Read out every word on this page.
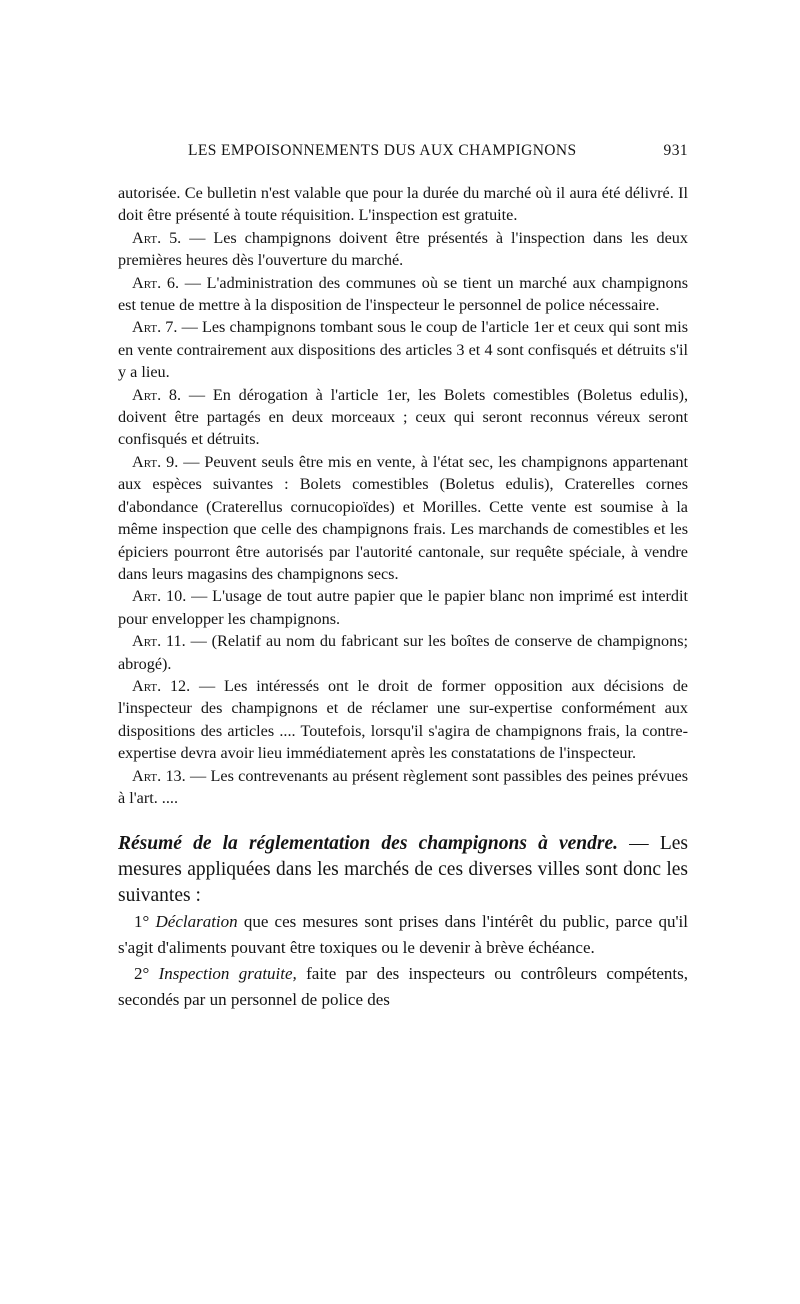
LES EMPOISONNEMENTS DUS AUX CHAMPIGNONS	931

autorisée. Ce bulletin n'est valable que pour la durée du marché où il aura été délivré. Il doit être présenté à toute réquisition. L'inspection est gratuite.

Art. 5. — Les champignons doivent être présentés à l'inspection dans les deux premières heures dès l'ouverture du marché.

Art. 6. — L'administration des communes où se tient un marché aux champignons est tenue de mettre à la disposition de l'inspecteur le personnel de police nécessaire.

Art. 7. — Les champignons tombant sous le coup de l'article 1er et ceux qui sont mis en vente contrairement aux dispositions des articles 3 et 4 sont confisqués et détruits s'il y a lieu.

Art. 8. — En dérogation à l'article 1er, les Bolets comestibles (Boletus edulis), doivent être partagés en deux morceaux ; ceux qui seront reconnus véreux seront confisqués et détruits.

Art. 9. — Peuvent seuls être mis en vente, à l'état sec, les champignons appartenant aux espèces suivantes : Bolets comestibles (Boletus edulis), Craterelles cornes d'abondance (Craterellus cornucopioïdes) et Morilles. Cette vente est soumise à la même inspection que celle des champignons frais. Les marchands de comestibles et les épiciers pourront être autorisés par l'autorité cantonale, sur requête spéciale, à vendre dans leurs magasins des champignons secs.

Art. 10. — L'usage de tout autre papier que le papier blanc non imprimé est interdit pour envelopper les champignons.

Art. 11. — (Relatif au nom du fabricant sur les boîtes de conserve de champignons; abrogé).

Art. 12. — Les intéressés ont le droit de former opposition aux décisions de l'inspecteur des champignons et de réclamer une sur-expertise conformément aux dispositions des articles .... Toutefois, lorsqu'il s'agira de champignons frais, la contre-expertise devra avoir lieu immédiatement après les constatations de l'inspecteur.

Art. 13. — Les contrevenants au présent règlement sont passibles des peines prévues à l'art. ....

Résumé de la réglementation des champignons à vendre. — Les mesures appliquées dans les marchés de ces diverses villes sont donc les suivantes :

1° Déclaration que ces mesures sont prises dans l'intérêt du public, parce qu'il s'agit d'aliments pouvant être toxiques ou le devenir à brève échéance.

2° Inspection gratuite, faite par des inspecteurs ou contrôleurs compétents, secondés par un personnel de police des
